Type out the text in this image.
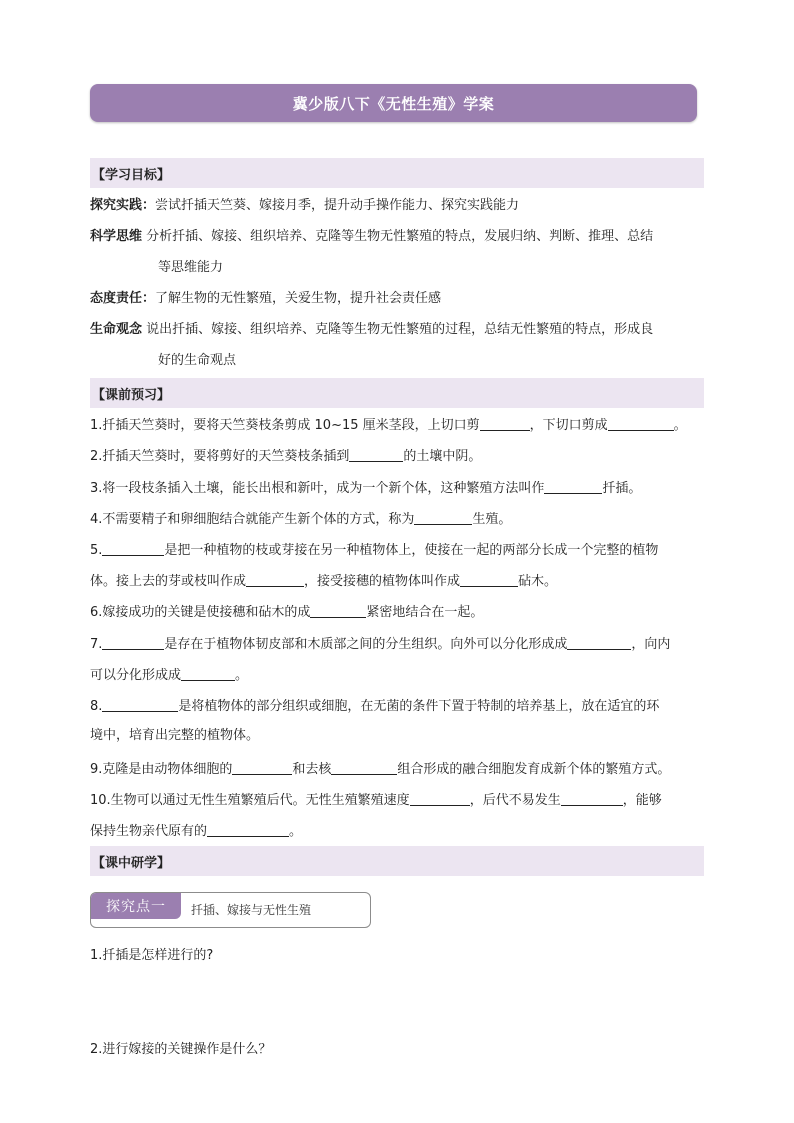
冀少版八下《无性生殖》学案
【学习目标】
探究实践：尝试扦插天竺葵、嫁接月季，提升动手操作能力、探究实践能力
科学思维 分析扦插、嫁接、组织培养、克隆等生物无性繁殖的特点，发展归纳、判断、推理、总结
等思维能力
态度责任：了解生物的无性繁殖，关爱生物，提升社会责任感
生命观念 说出扦插、嫁接、组织培养、克隆等生物无性繁殖的过程，总结无性繁殖的特点，形成良
好的生命观点
【课前预习】
1.扦插天竺葵时，要将天竺葵枝条剪成 10~15 厘米茎段，上切口剪	，下切口剪成	。
2.扦插天竺葵时，要将剪好的天竺葵枝条插到	的土壤中阴。
3.将一段枝条插入土壤，能长出根和新叶，成为一个新个体，这种繁殖方法叫作	扦插。
4.不需要精子和卵细胞结合就能产生新个体的方式，称为	生殖。
5.	是把一种植物的枝或芽接在另一种植物体上，使接在一起的两部分长成一个完整的植物
体。接上去的芽或枝叫作成	，接受接穗的植物体叫作成	砧木。
6.嫁接成功的关键是使接穗和砧木的成	紧密地结合在一起。
7.	是存在于植物体韧皮部和木质部之间的分生组织。向外可以分化形成成	，向内
可以分化形成成	。
8.	是将植物体的部分组织或细胞，在无菌的条件下置于特制的培养基上，放在适宜的环
境中，培育出完整的植物体。
9.克隆是由动物体细胞的	和去核	组合形成的融合细胞发育成新个体的繁殖方式。
10.生物可以通过无性生殖繁殖后代。无性生殖繁殖速度	，后代不易发生	，能够
保持生物亲代原有的	。
【课中研学】
探究点一	扦插、嫁接与无性生殖
1.扦插是怎样进行的?
2.进行嫁接的关键操作是什么？
